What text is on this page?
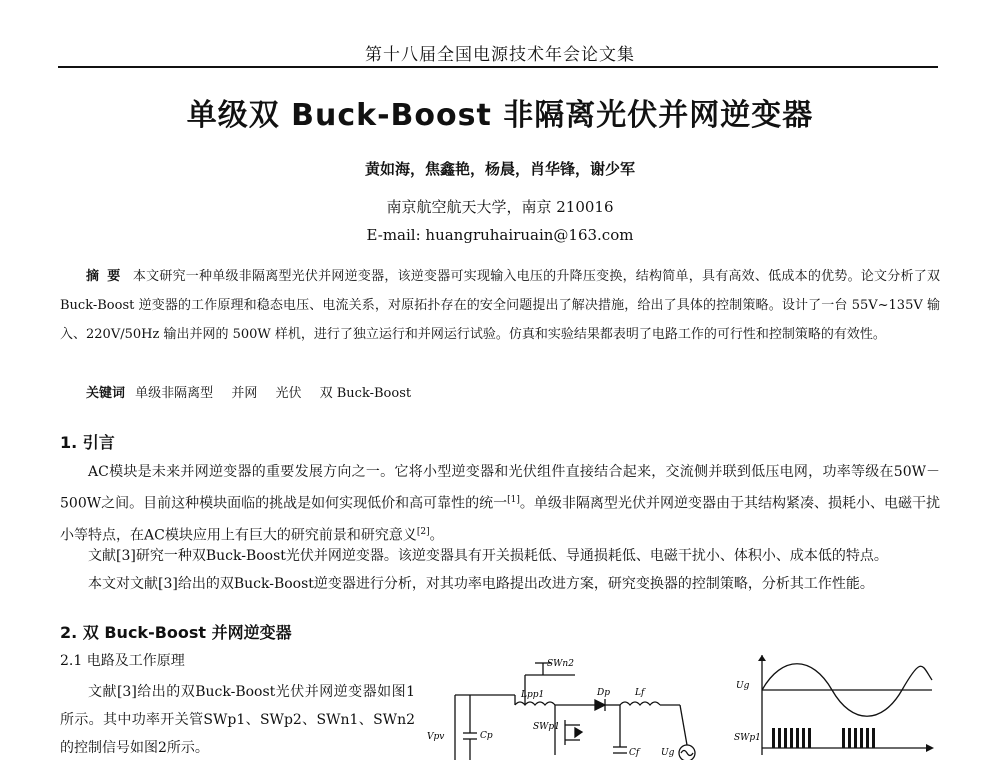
第十八届全国电源技术年会论文集
单级双 Buck-Boost 非隔离光伏并网逆变器
黄如海，焦鑫艳，杨晨，肖华锋，谢少军
南京航空航天大学，南京 210016
E-mail: huangruhairuain@163.com
摘要 本文研究一种单级非隔离型光伏并网逆变器，该逆变器可实现输入电压的升降压变换，结构简单，具有高效、低成本的优势。论文分析了双 Buck-Boost 逆变器的工作原理和稳态电压、电流关系，对原拓扑存在的安全问题提出了解决措施，给出了具体的控制策略。设计了一台 55V~135V 输入、220V/50Hz 输出并网的 500W 样机，进行了独立运行和并网运行试验。仿真和实验结果都表明了电路工作的可行性和控制策略的有效性。
关键词 单级非隔离型 并网 光伏 双 Buck-Boost
1. 引言
AC模块是未来并网逆变器的重要发展方向之一。它将小型逆变器和光伏组件直接结合起来，交流侧并联到低压电网，功率等级在50W－500W之间。目前这种模块面临的挑战是如何实现低价和高可靠性的统一[1]。单级非隔离型光伏并网逆变器由于其结构紧凑、损耗小、电磁干扰小等特点，在AC模块应用上有巨大的研究前景和研究意义[2]。
文献[3]研究一种双Buck-Boost光伏并网逆变器。该逆变器具有开关损耗低、导通损耗低、电磁干扰小、体积小、成本低的特点。
本文对文献[3]给出的双Buck-Boost逆变器进行分析，对其功率电路提出改进方案，研究变换器的控制策略，分析其工作性能。
2. 双 Buck-Boost 并网逆变器
2.1 电路及工作原理
文献[3]给出的双Buck-Boost光伏并网逆变器如图1所示。其中功率开关管SWp1、SWp2、SWn1、SWn2的控制信号如图2所示。
SWn2
Lpp1	Dp	Lf
SWp1
Vpv	Cp
Cf Ug
Ug
SWp1
